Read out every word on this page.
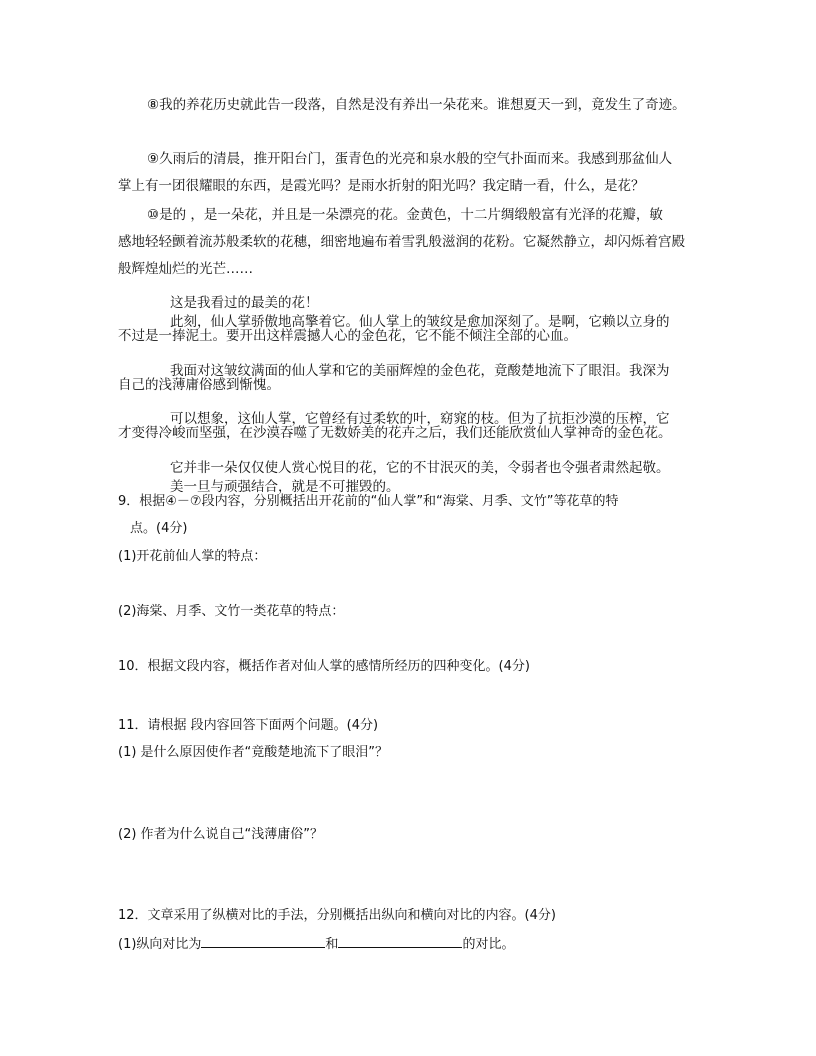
⑧我的养花历史就此告一段落，自然是没有养出一朵花来。谁想夏天一到，竟发生了奇迹。
⑨久雨后的清晨，推开阳台门，蛋青色的光亮和泉水般的空气扑面而来。我感到那盆仙人
掌上有一团很耀眼的东西，是霞光吗？是雨水折射的阳光吗？我定睛一看，什么，是花？
⑩是的 ，是一朵花，并且是一朵漂亮的花。金黄色，十二片绸缎般富有光泽的花瓣，敏
感地轻轻颤着流苏般柔软的花穗，细密地遍布着雪乳般滋润的花粉。它凝然静立，却闪烁着宫殿
般辉煌灿烂的光芒……
这是我看过的最美的花！
此刻，仙人掌骄傲地高擎着它。仙人掌上的皱纹是愈加深刻了。是啊，它赖以立身的
不过是一捧泥土。要开出这样震撼人心的金色花，它不能不倾注全部的心血。
我面对这皱纹满面的仙人掌和它的美丽辉煌的金色花，竟酸楚地流下了眼泪。我深为
自己的浅薄庸俗感到惭愧。
可以想象，这仙人掌，它曾经有过柔软的叶，窈窕的枝。但为了抗拒沙漠的压榨，它
才变得冷峻而坚强，在沙漠吞噬了无数娇美的花卉之后，我们还能欣赏仙人掌神奇的金色花。
它并非一朵仅仅使人赏心悦目的花，它的不甘泯灭的美，令弱者也令强者肃然起敬。
美一旦与顽强结合，就是不可摧毁的。
9．根据④－⑦段内容，分别概括出开花前的“仙人掌”和“海棠、月季、文竹”等花草的特
点。(4分)
(1)开花前仙人掌的特点：
(2)海棠、月季、文竹一类花草的特点：
10．根据文段内容，概括作者对仙人掌的感情所经历的四种变化。(4分)
11．请根据 段内容回答下面两个问题。(4分)
(1) 是什么原因使作者“竟酸楚地流下了眼泪”？
(2) 作者为什么说自己“浅薄庸俗”？
12．文章采用了纵横对比的手法，分别概括出纵向和横向对比的内容。(4分)
(1)纵向对比为	和	的对比。
